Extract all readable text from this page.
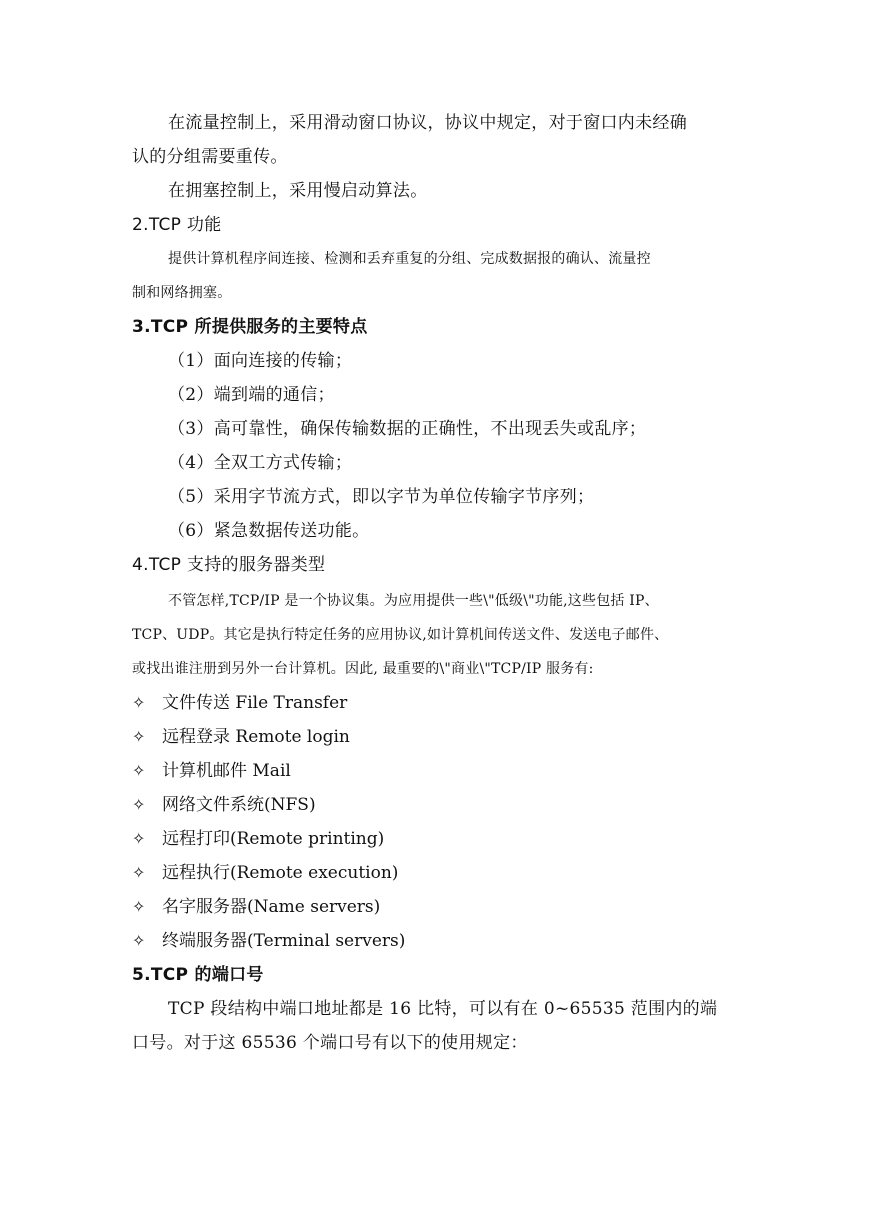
在流量控制上，采用滑动窗口协议，协议中规定，对于窗口内未经确
认的分组需要重传。
在拥塞控制上，采用慢启动算法。
2.TCP 功能
提供计算机程序间连接、检测和丢弃重复的分组、完成数据报的确认、流量控
制和网络拥塞。
3.TCP 所提供服务的主要特点
（1）面向连接的传输；
（2）端到端的通信；
（3）高可靠性，确保传输数据的正确性，不出现丢失或乱序；
（4）全双工方式传输；
（5）采用字节流方式，即以字节为单位传输字节序列；
（6）紧急数据传送功能。
4.TCP 支持的服务器类型
不管怎样,TCP/IP 是一个协议集。为应用提供一些\"低级\"功能,这些包括 IP、
TCP、UDP。其它是执行特定任务的应用协议,如计算机间传送文件、发送电子邮件、
或找出谁注册到另外一台计算机。因此, 最重要的\"商业\"TCP/IP 服务有:
✧ 文件传送 File Transfer
✧ 远程登录 Remote login
✧ 计算机邮件 Mail
✧ 网络文件系统(NFS)
✧ 远程打印(Remote printing)
✧ 远程执行(Remote execution)
✧ 名字服务器(Name servers)
✧ 终端服务器(Terminal servers)
5.TCP 的端口号
TCP 段结构中端口地址都是 16 比特，可以有在 0~65535 范围内的端
口号。对于这 65536 个端口号有以下的使用规定：
